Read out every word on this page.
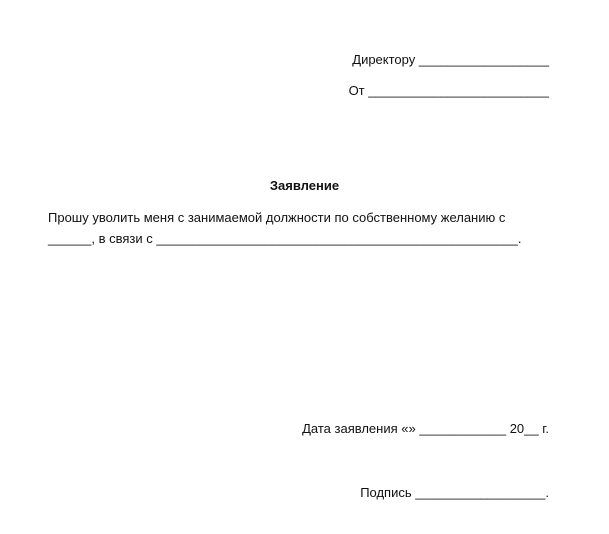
Директору __________________
От _________________________
Заявление
Прошу уволить меня с занимаемой должности по собственному желанию с
______, в связи с __________________________________________________.
Дата заявления «» ____________ 20__ г.
Подпись __________________.
